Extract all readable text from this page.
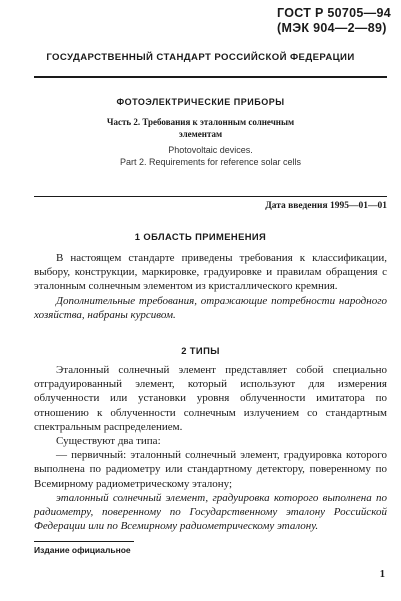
ГОСТ Р 50705—94
(МЭК 904—2—89)
ГОСУДАРСТВЕННЫЙ СТАНДАРТ РОССИЙСКОЙ ФЕДЕРАЦИИ
ФОТОЭЛЕКТРИЧЕСКИЕ ПРИБОРЫ
Часть 2. Требования к эталонным солнечным
элементам
Photovoltaic devices.
Part 2. Requirements for reference solar cells
Дата введения 1995—01—01
1 ОБЛАСТЬ ПРИМЕНЕНИЯ

В настоящем стандарте приведены требования к классификации, выбору, конструкции, маркировке, градуировке и правилам обращения с эталонным солнечным элементом из кристаллического кремния.

Дополнительные требования, отражающие потребности народного хозяйства, набраны курсивом.

2 ТИПЫ

Эталонный солнечный элемент представляет собой специально отградуированный элемент, который используют для измерения облученности или установки уровня облученности имитатора по отношению к облученности солнечным излучением со стандартным спектральным распределением.

Существуют два типа:

— первичный: эталонный солнечный элемент, градуировка которого выполнена по радиометру или стандартному детектору, поверенному по Всемирному радиометрическому эталону;

эталонный солнечный элемент, градуировка которого выполнена по радиометру, поверенному по Государственному эталону Российской Федерации или по Всемирному радиометрическому эталону.

Издание официальное
1
